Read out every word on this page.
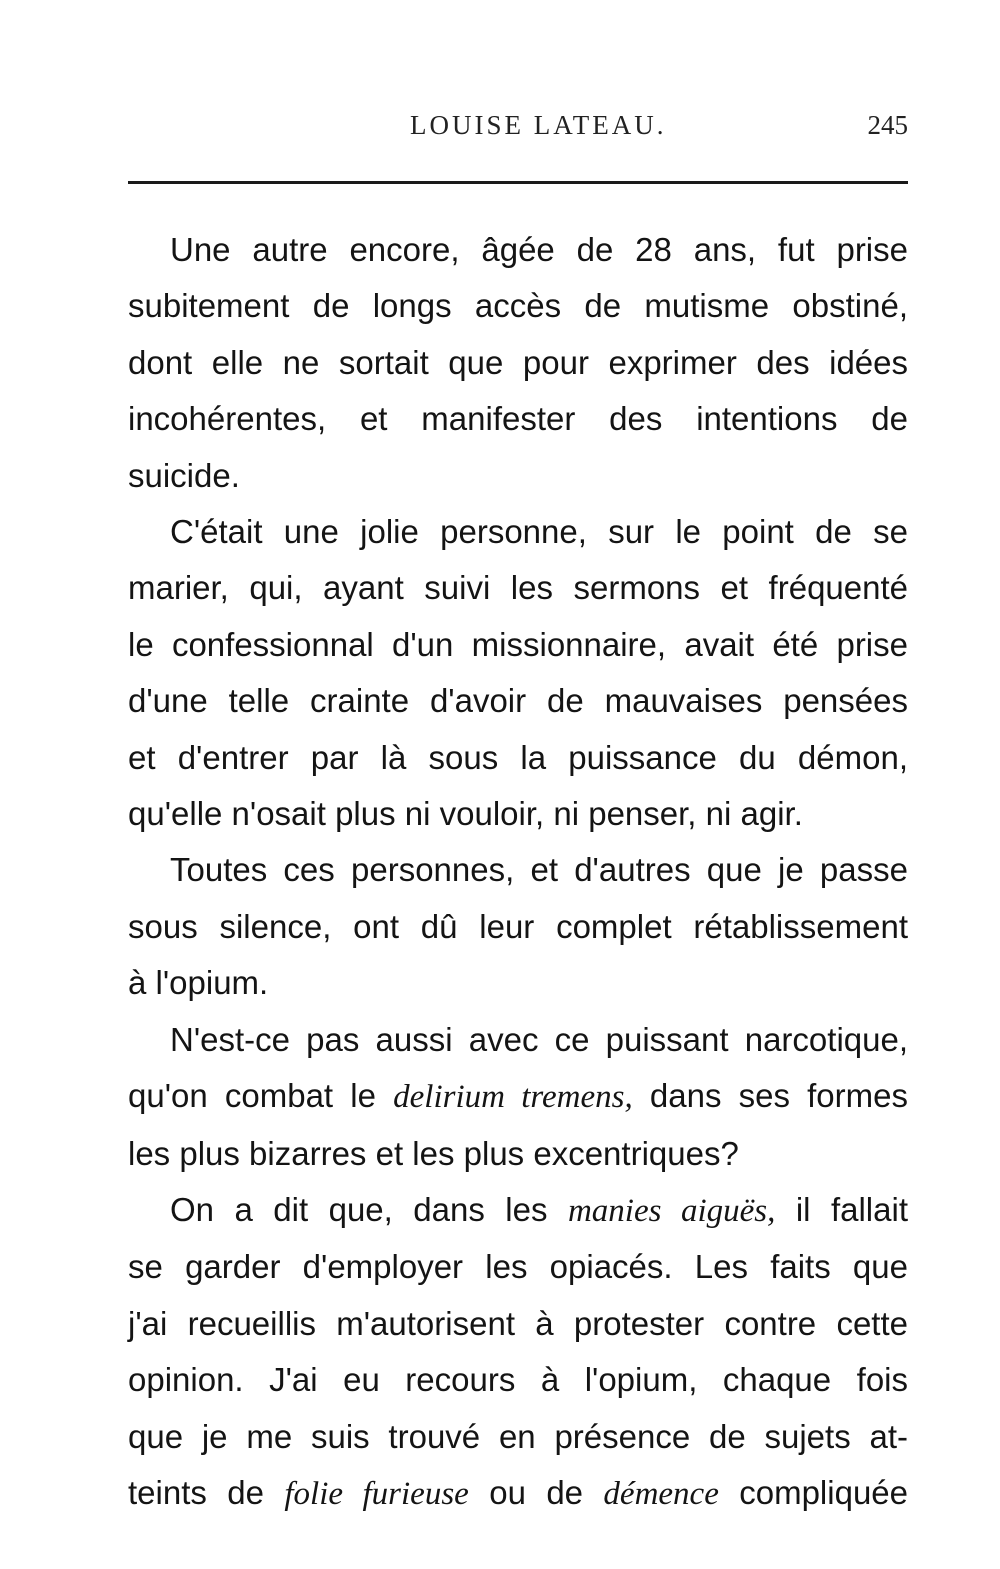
LOUISE LATEAU.	245
Une autre encore, âgée de 28 ans, fut prise
subitement de longs accès de mutisme obstiné,
dont elle ne sortait que pour exprimer des idées
incohérentes, et manifester des intentions de
suicide.
C'était une jolie personne, sur le point de se
marier, qui, ayant suivi les sermons et fréquenté
le confessionnal d'un missionnaire, avait été prise
d'une telle crainte d'avoir de mauvaises pensées
et d'entrer par là sous la puissance du démon,
qu'elle n'osait plus ni vouloir, ni penser, ni agir.
Toutes ces personnes, et d'autres que je passe
sous silence, ont dû leur complet rétablissement
à l'opium.
N'est-ce pas aussi avec ce puissant narcotique,
qu'on combat le delirium tremens, dans ses formes
les plus bizarres et les plus excentriques?
On a dit que, dans les manies aiguës, il fallait
se garder d'employer les opiacés. Les faits que
j'ai recueillis m'autorisent à protester contre cette
opinion. J'ai eu recours à l'opium, chaque fois
que je me suis trouvé en présence de sujets at-
teints de folie furieuse ou de démence compliquée
